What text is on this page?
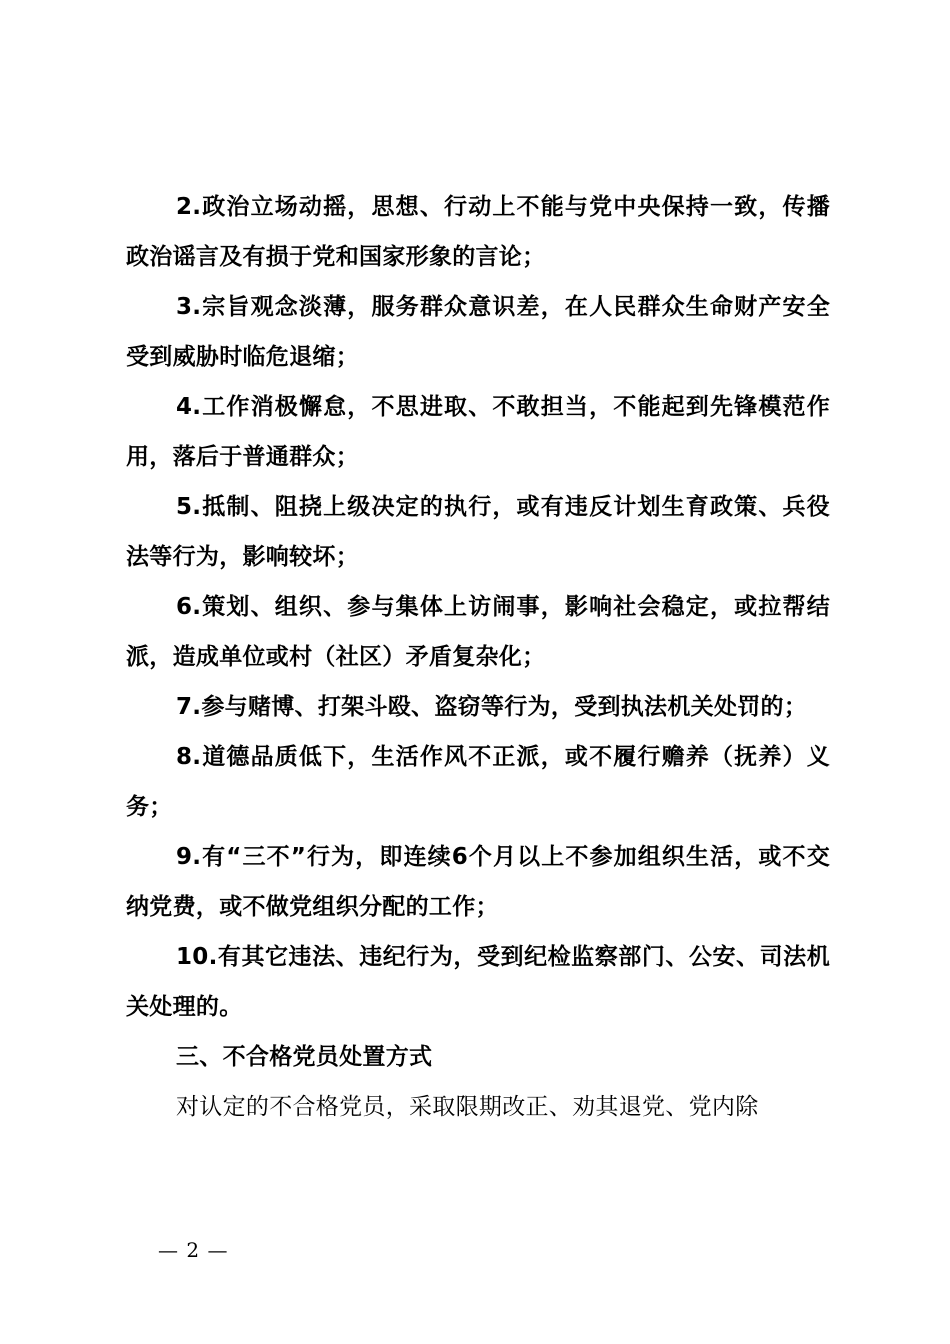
2.政治立场动摇，思想、行动上不能与党中央保持一致，传播政治谣言及有损于党和国家形象的言论；

3.宗旨观念淡薄，服务群众意识差，在人民群众生命财产安全受到威胁时临危退缩；

4.工作消极懈怠，不思进取、不敢担当，不能起到先锋模范作用，落后于普通群众；

5.抵制、阻挠上级决定的执行，或有违反计划生育政策、兵役法等行为，影响较坏；

6.策划、组织、参与集体上访闹事，影响社会稳定，或拉帮结派，造成单位或村（社区）矛盾复杂化；

7.参与赌博、打架斗殴、盗窃等行为，受到执法机关处罚的；

8.道德品质低下，生活作风不正派，或不履行赡养（抚养）义务；

9.有“三不”行为，即连续6个月以上不参加组织生活，或不交纳党费，或不做党组织分配的工作；

10.有其它违法、违纪行为，受到纪检监察部门、公安、司法机关处理的。

三、不合格党员处置方式

对认定的不合格党员，采取限期改正、劝其退党、党内除

— 2 —
